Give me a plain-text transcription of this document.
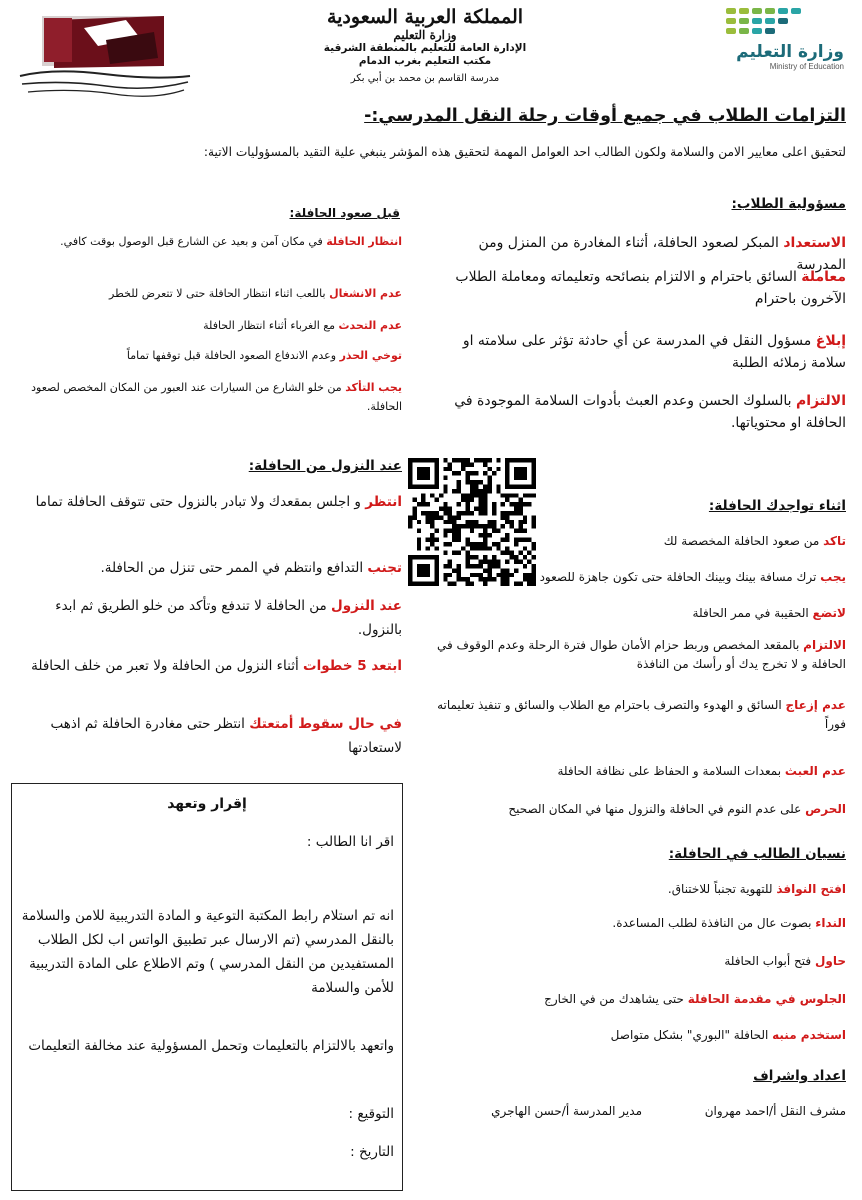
وزارة التعليم
Ministry of Education
المملكة العربية السعودية
وزارة التعليم
الإدارة العامة للتعليم بالمنطقة الشرقية
مكتب التعليم بغرب الدمام
مدرسة القاسم بن محمد بن أبي بكر
التزامات الطلاب في جميع أوقات رحلة النقل المدرسي:-
لتحقيق اعلى معايير الامن والسلامة ولكون الطالب احد العوامل المهمة لتحقيق هذه المؤشر ينبغي علية التقيد بالمسؤوليات الاتية:
مسؤولية الطلاب:
الاستعداد المبكر لصعود الحافلة، أثناء المغادرة من المنزل ومن المدرسة
معاملة السائق باحترام و الالتزام بنصائحه وتعليماته ومعاملة الطلاب الآخرون باحترام
إبلاغ مسؤول النقل في المدرسة عن أي حادثة تؤثر على سلامته او سلامة زملائه الطلبة
الالتزام بالسلوك الحسن وعدم العبث بأدوات السلامة الموجودة في الحافلة او محتوياتها.
اثناء تواجدك الحافلة:
تاكد من صعود الحافلة المخصصة لك
يجب ترك مسافة بينك وبينك الحافلة حتى تكون جاهزة للصعود
لاتضع الحقيبة في ممر الحافلة
الالتزام بالمقعد المخصص وربط حزام الأمان طوال فترة الرحلة وعدم الوقوف في الحافلة و لا تخرج يدك أو رأسك من النافذة
عدم إزعاج السائق و الهدوء والتصرف باحترام مع الطلاب والسائق و تنفيذ تعليماته فوراً
عدم العبث بمعدات السلامة و الحفاظ على نظافة الحافلة
الحرص على عدم النوم في الحافلة والنزول منها في المكان الصحيح
نسيان الطالب في الحافلة:
افتح النوافذ للتهوية تجنباً للاختناق.
النداء بصوت عال من النافذة لطلب المساعدة.
حاول فتح أبواب الحافلة
الجلوس في مقدمة الحافلة حتى يشاهدك من في الخارج
استخدم منبه الحافلة "البوري" بشكل متواصل
اعداد واشراف
مشرف النقل أ/احمد مهروان
مدير المدرسة أ/حسن الهاجري
قبل صعود الحافلة:
انتظار الحافلة في مكان آمن و بعيد عن الشارع قبل الوصول بوقت كافي.
عدم الانشغال باللعب اثناء انتظار الحافلة حتى لا تتعرض للخطر
عدم التحدث مع الغرباء أثناء انتظار الحافلة
توخي الحذر وعدم الاندفاع الصعود الحافلة قبل توقفها تماماً
يجب التأكد من خلو الشارع من السيارات عند العبور من المكان المخصص لصعود الحافلة.
عند النزول من الحافلة:
انتظر و اجلس بمقعدك ولا تبادر بالنزول حتى تتوقف الحافلة تماما
تجنب التدافع وانتظم في الممر حتى تنزل من الحافلة.
عند النزول من الحافلة لا تندفع وتأكد من خلو الطريق ثم ابدء بالنزول.
ابتعد 5 خطوات أثناء النزول من الحافلة ولا تعبر من خلف الحافلة
في حال سقوط أمتعتك انتظر حتى مغادرة الحافلة ثم اذهب لاستعادتها
إقرار وتعهد
اقر انا الطالب :
انه تم استلام رابط المكتبة التوعية و المادة التدريبية للامن والسلامة بالنقل المدرسي (تم الارسال عبر تطبيق الواتس اب لكل الطلاب المستفيدين من النقل المدرسي ) وتم الاطلاع على المادة التدريبية للأمن والسلامة
واتعهد بالالتزام بالتعليمات وتحمل المسؤولية عند مخالفة التعليمات
التوقيع :
التاريخ :
